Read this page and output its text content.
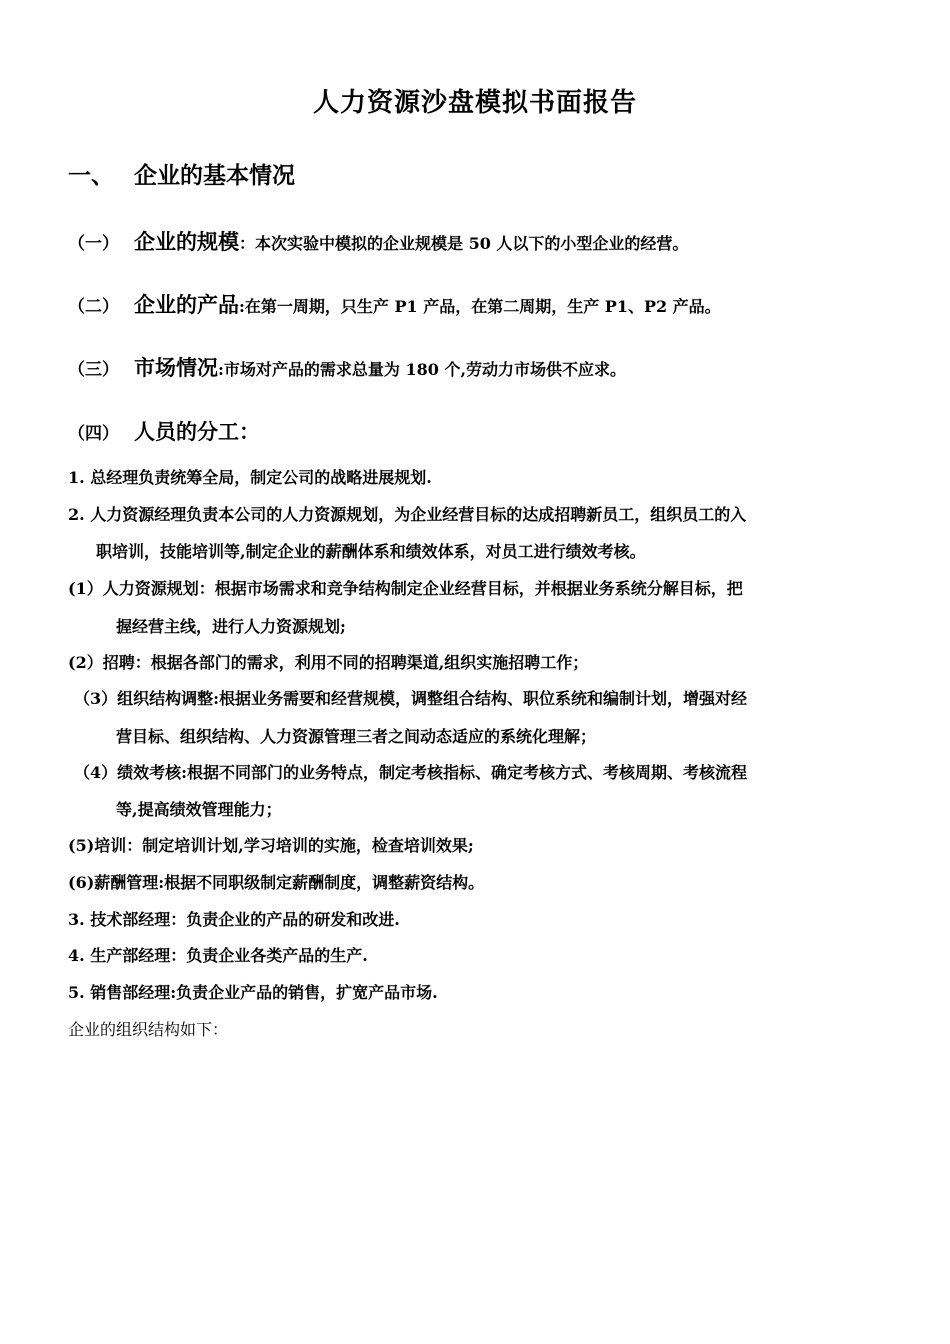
人力资源沙盘模拟书面报告
一、 企业的基本情况
（一） 企业的规模：本次实验中模拟的企业规模是 50 人以下的小型企业的经营。
（二） 企业的产品:在第一周期，只生产 P1 产品，在第二周期，生产 P1、P2 产品。
（三） 市场情况:市场对产品的需求总量为 180 个,劳动力市场供不应求。
（四） 人员的分工：
1. 总经理负责统筹全局，制定公司的战略进展规划.
2. 人力资源经理负责本公司的人力资源规划，为企业经营目标的达成招聘新员工，组织员工的入
职培训，技能培训等,制定企业的薪酬体系和绩效体系，对员工进行绩效考核。
(1）人力资源规划：根据市场需求和竞争结构制定企业经营目标，并根据业务系统分解目标，把
握经营主线，进行人力资源规划;
(2）招聘：根据各部门的需求，利用不同的招聘渠道,组织实施招聘工作；
（3）组织结构调整:根据业务需要和经营规模，调整组合结构、职位系统和编制计划，增强对经
营目标、组织结构、人力资源管理三者之间动态适应的系统化理解；
（4）绩效考核:根据不同部门的业务特点，制定考核指标、确定考核方式、考核周期、考核流程
等,提高绩效管理能力；
(5)培训：制定培训计划,学习培训的实施，检查培训效果;
(6)薪酬管理:根据不同职级制定薪酬制度，调整薪资结构。
3. 技术部经理：负责企业的产品的研发和改进.
4. 生产部经理：负责企业各类产品的生产.
5. 销售部经理:负责企业产品的销售，扩宽产品市场.
企业的组织结构如下：
